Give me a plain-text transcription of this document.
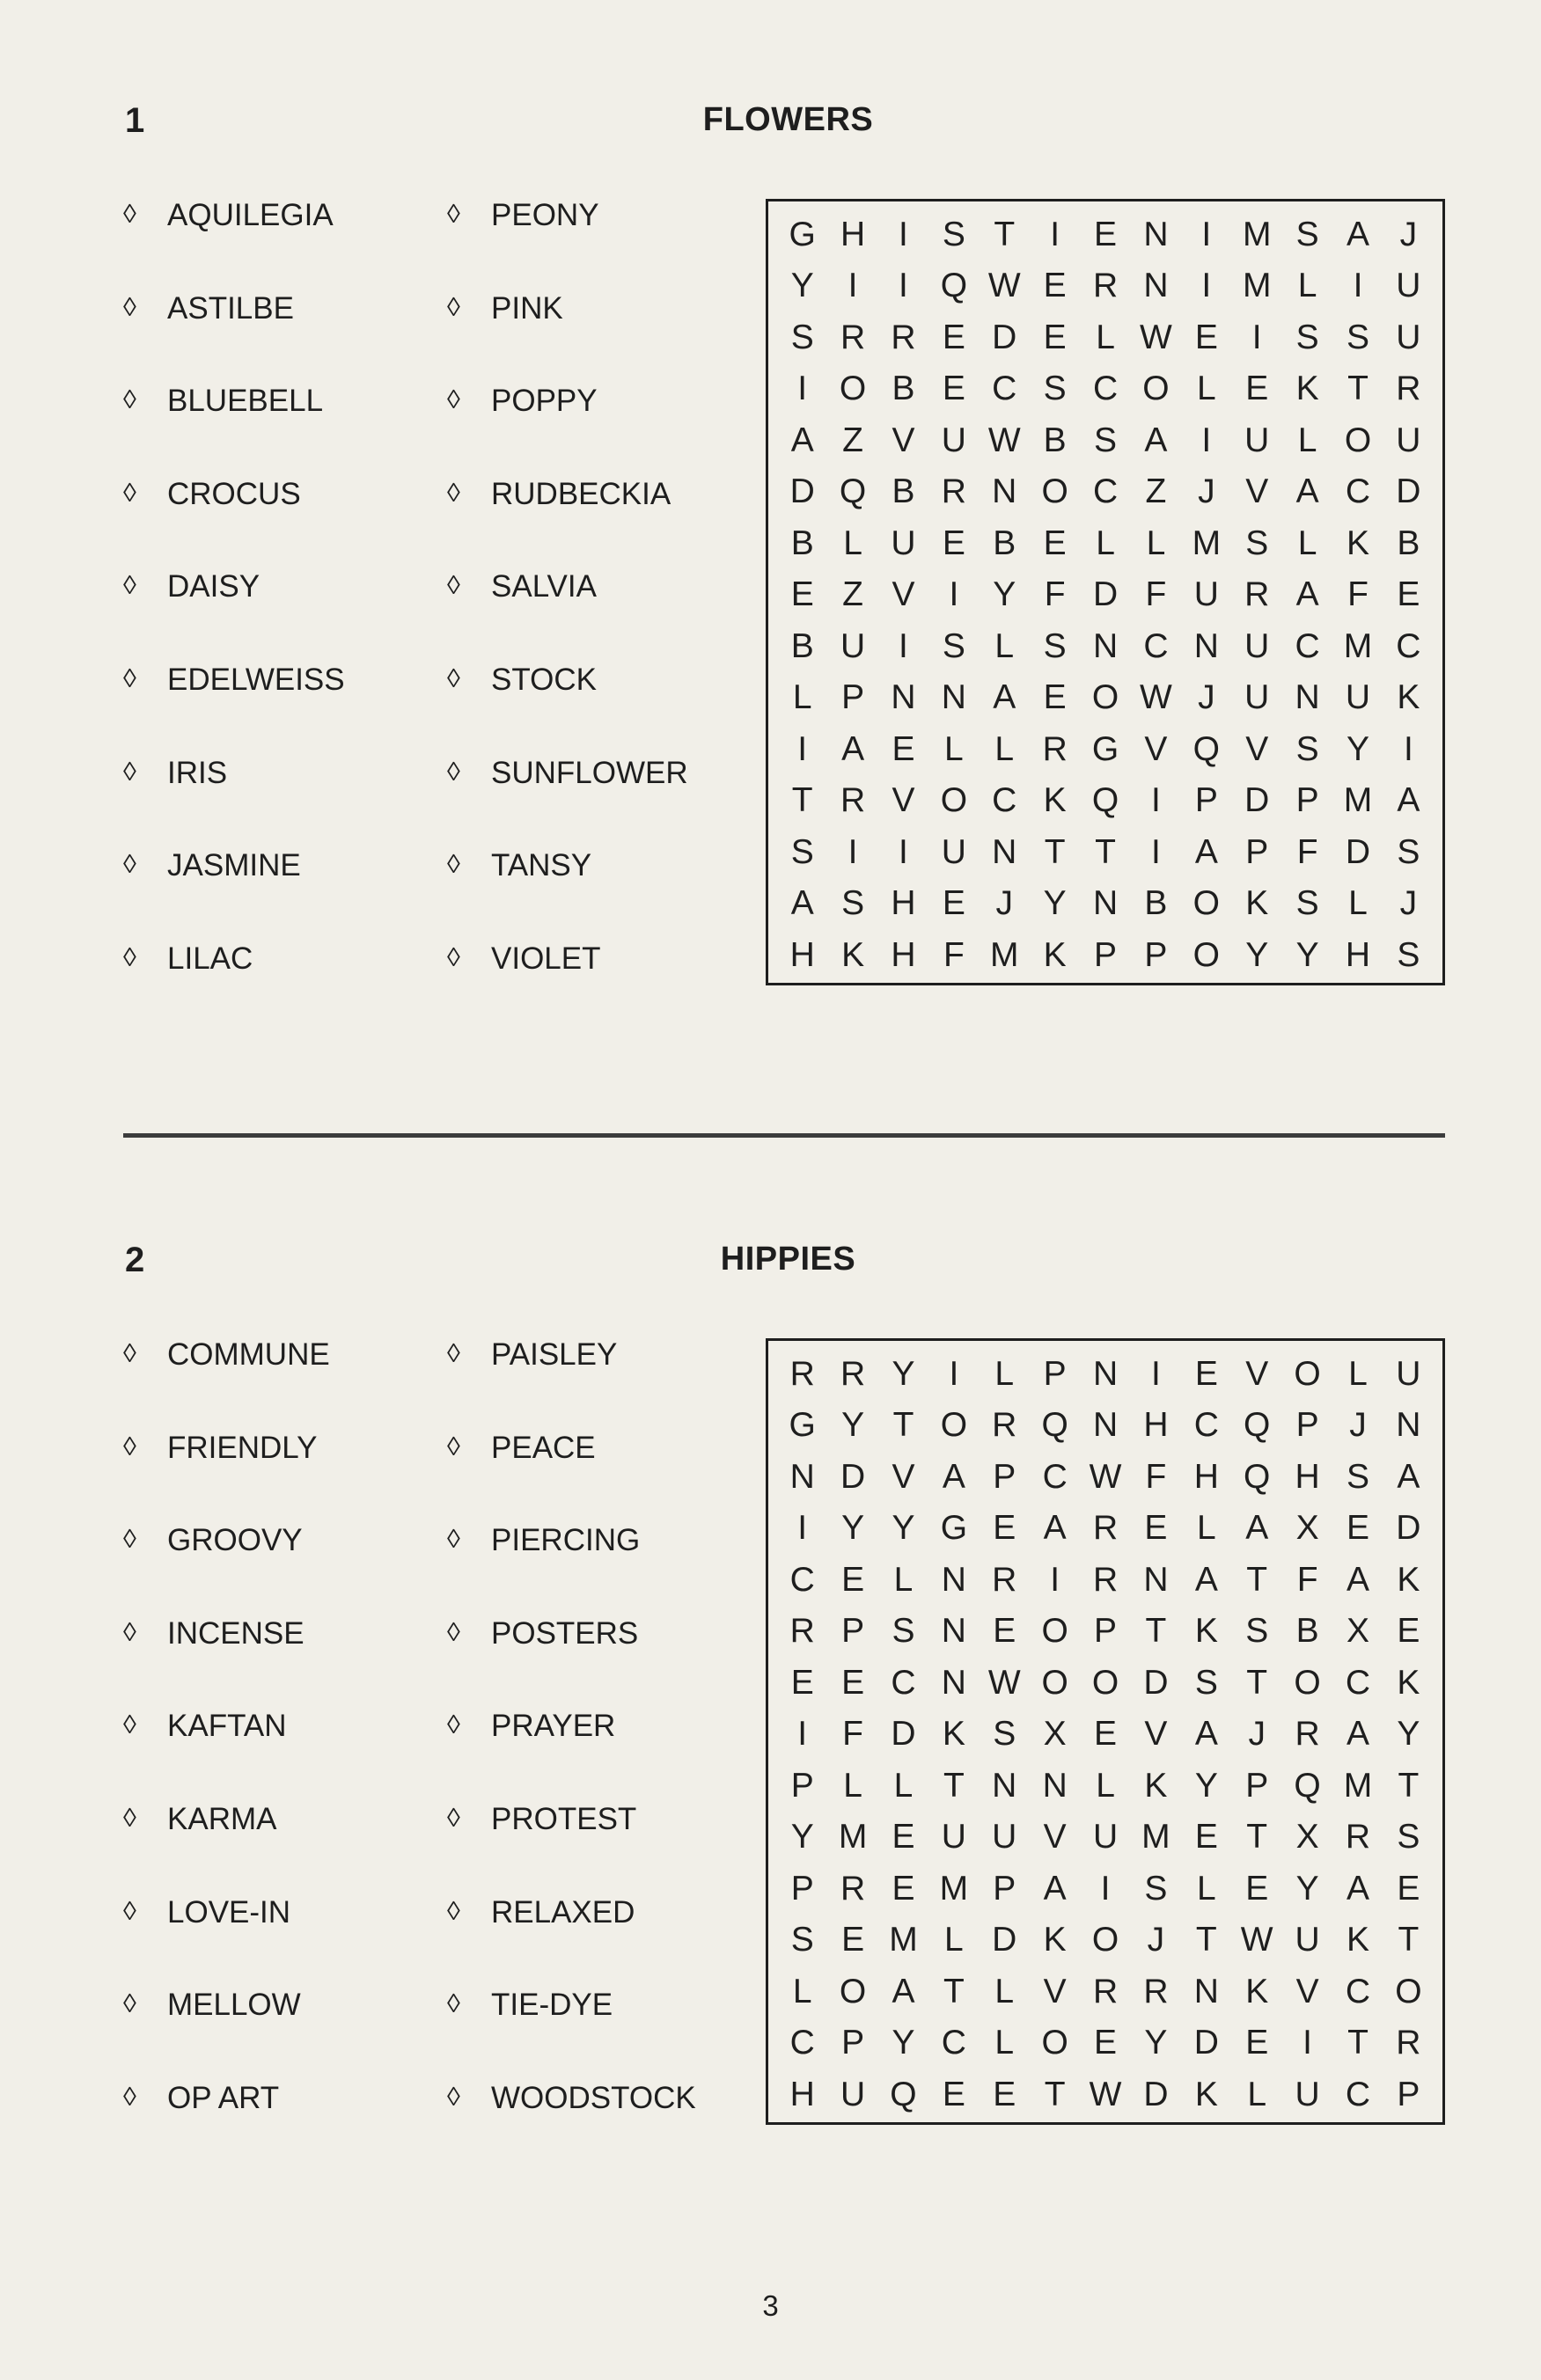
1	FLOWERS
◊	AQUILEGIA
◊	ASTILBE
◊	BLUEBELL
◊	CROCUS
◊	DAISY
◊	EDELWEISS
◊	IRIS
◊	JASMINE
◊	LILAC
◊	PEONY
◊	PINK
◊	POPPY
◊	RUDBECKIA
◊	SALVIA
◊	STOCK
◊	SUNFLOWER
◊	TANSY
◊	VIOLET
G H I S T	I E N I M S A J
Y I	I Q W E R N I M L	I U
S R R E D E L W E I S S U
I O B E C S C O L E K T R
A Z V U W B S A I U L O U
D Q B R N O C Z J V A C D
B L U E B E L L M S L K B
E Z V I Y F D F U R A F E
B U I S L S N C N U C M C
L P N N A E O W J U N U K
I A E L L R G V Q V S Y I
T R V O C K Q I P D P M A
S I	I U N T T	I A P F D S
A S H E J Y N B O K S L J
H K H F M K P P O Y Y H S
2	HIPPIES
◊	COMMUNE
◊	FRIENDLY
◊	GROOVY
◊	INCENSE
◊	KAFTAN
◊	KARMA
◊	LOVE-IN
◊	MELLOW
◊	OP ART
◊	PAISLEY
◊	PEACE
◊	PIERCING
◊	POSTERS
◊	PRAYER
◊	PROTEST
◊	RELAXED
◊	TIE-DYE
◊	WOODSTOCK
R R Y I	L P N I E V O L U
G Y T O R Q N H C Q P J N
N D V A P C W F H Q H S A
I Y Y G E A R E L A X E D
C E L N R I R N A T F A K
R P S N E O P T K S B X E
E E C N W O O D S T O C K
I	F D K S X E V A J R A Y
P L L T N N L K Y P Q M T
Y M E U U V U M E T X R S
P R E M P A I S L E Y A E
S E M L D K O J T W U K T
L O A T L V R R N K V C O
C P Y C L O E Y D E I	T R
H U Q E E T W D K L U C P
3
